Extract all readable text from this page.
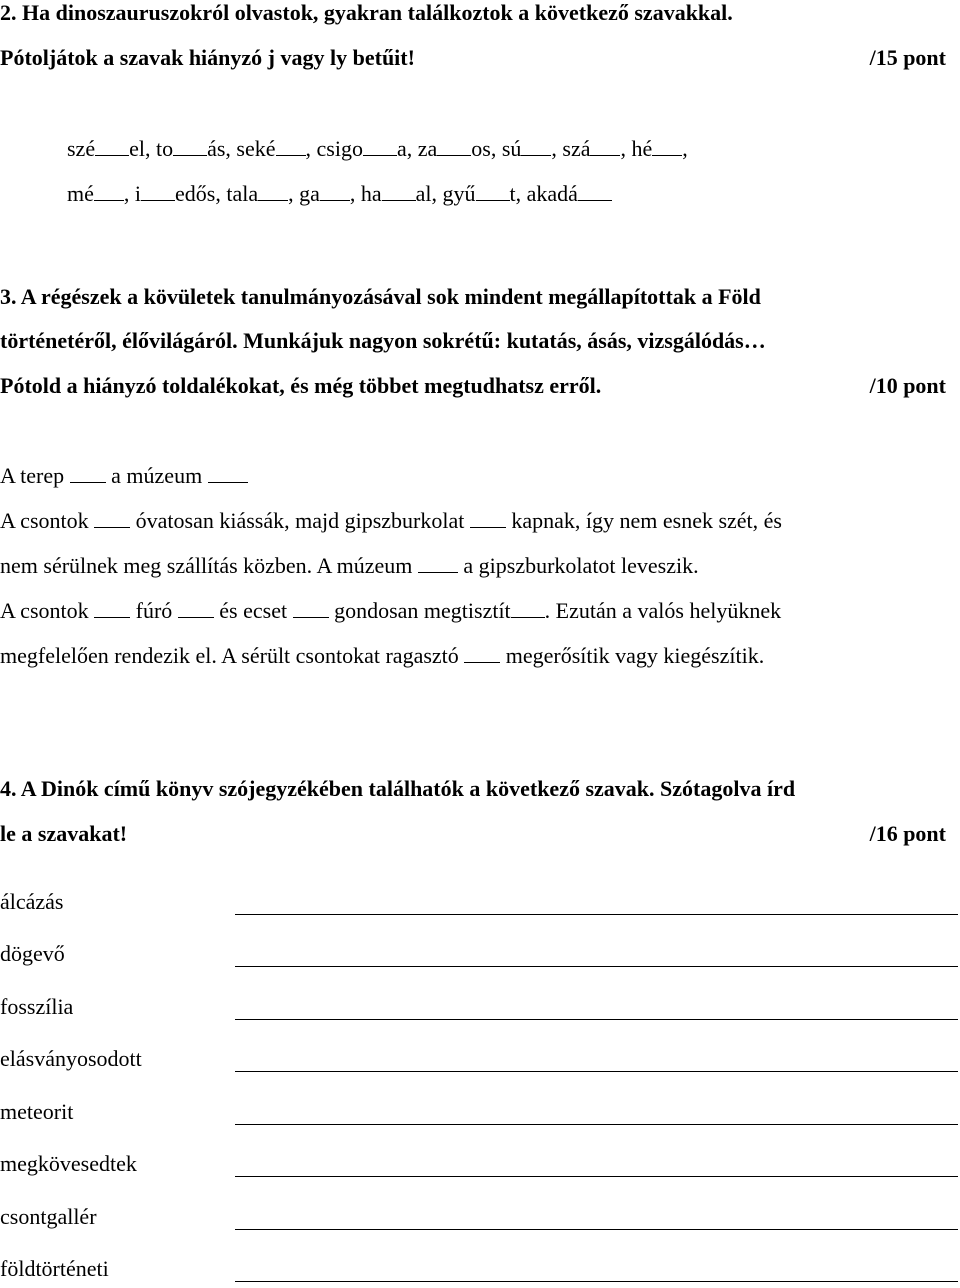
2. Ha dinoszauruszokról olvastok, gyakran találkoztok a következő szavakkal.
Pótoljátok a szavak hiányzó j vagy ly betűit!	/15 pont
szé el, to ás, seké , csigo a, za os, sú , szá , hé ,
mé , i edős, tala , ga , ha al, gyű t, akadá
3. A régészek a kövületek tanulmányozásával sok mindent megállapítottak a Föld
történetéről, élővilágáról. Munkájuk nagyon sokrétű: kutatás, ásás, vizsgálódás…
Pótold a hiányzó toldalékokat, és még többet megtudhatsz erről.	/10 pont
A terep a múzeum
A csontok óvatosan kiássák, majd gipszburkolat kapnak, így nem esnek szét, és
nem sérülnek meg szállítás közben. A múzeum a gipszburkolatot leveszik.
A csontok fúró és ecset gondosan megtisztít . Ezután a valós helyüknek
megfelelően rendezik el. A sérült csontokat ragasztó megerősítik vagy kiegészítik.
4. A Dinók című könyv szójegyzékében találhatók a következő szavak. Szótagolva írd
le a szavakat!	/16 pont
álcázás
dögevő
fosszília
elásványosodott
meteorit
megkövesedtek
csontgallér
földtörténeti
